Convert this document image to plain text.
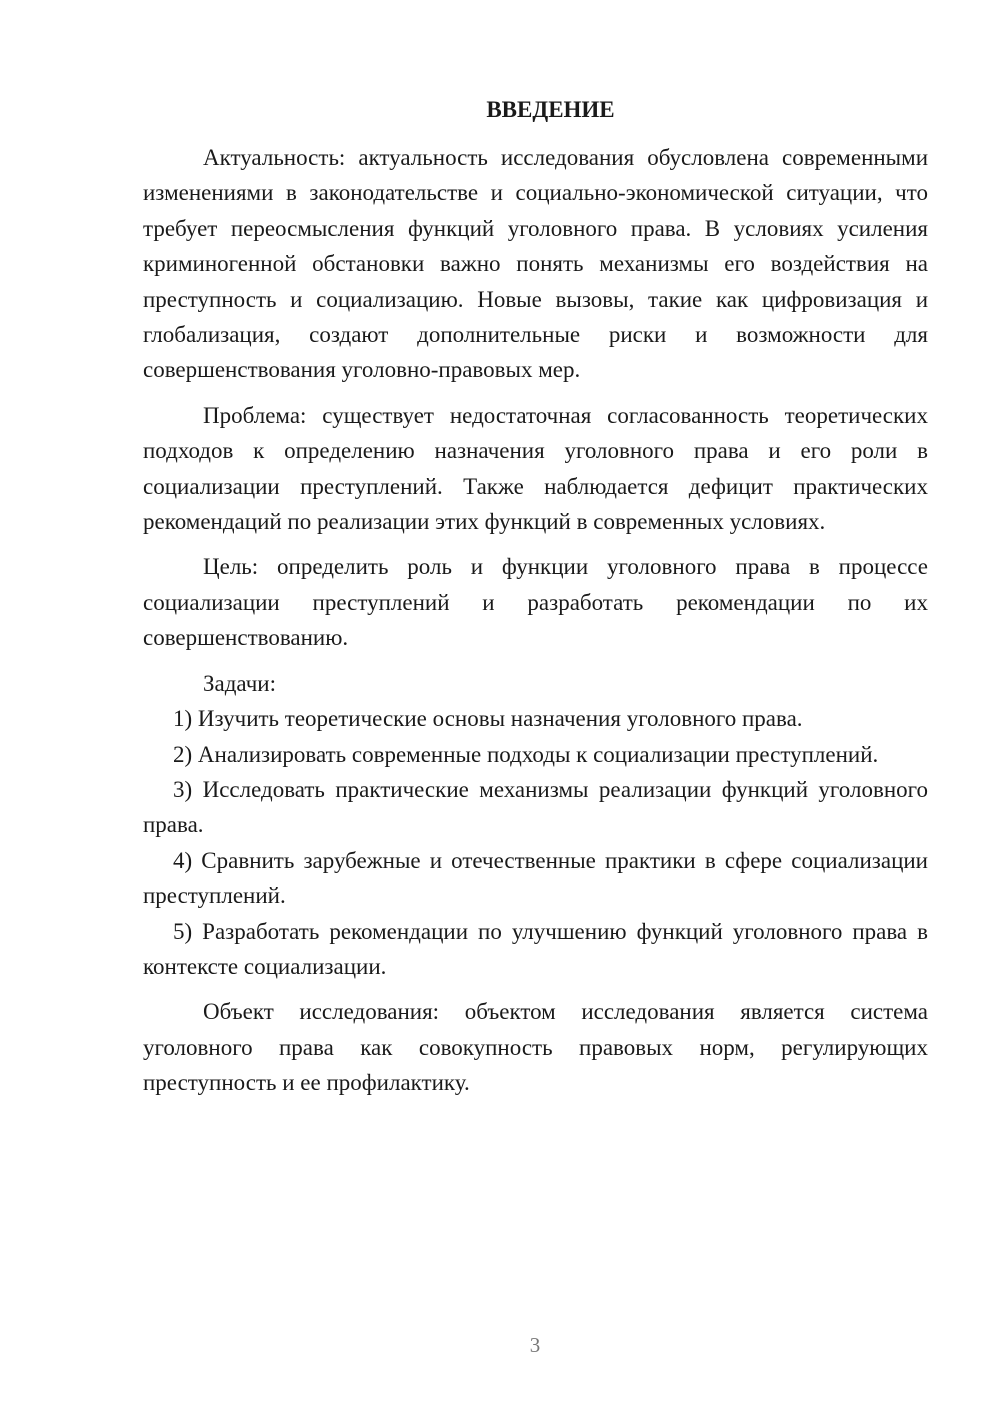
ВВЕДЕНИЕ

Актуальность: актуальность исследования обусловлена современными изменениями в законодательстве и социально-экономической ситуации, что требует переосмысления функций уголовного права. В условиях усиления криминогенной обстановки важно понять механизмы его воздействия на преступность и социализацию. Новые вызовы, такие как цифровизация и глобализация, создают дополнительные риски и возможности для совершенствования уголовно-правовых мер.

Проблема: существует недостаточная согласованность теоретических подходов к определению назначения уголовного права и его роли в социализации преступлений. Также наблюдается дефицит практических рекомендаций по реализации этих функций в современных условиях.

Цель: определить роль и функции уголовного права в процессе социализации преступлений и разработать рекомендации по их совершенствованию.

Задачи:

1) Изучить теоретические основы назначения уголовного права.

2) Анализировать современные подходы к социализации преступлений.

3) Исследовать практические механизмы реализации функций уголовного права.

4) Сравнить зарубежные и отечественные практики в сфере социализации преступлений.

5) Разработать рекомендации по улучшению функций уголовного права в контексте социализации.

Объект исследования: объектом исследования является система уголовного права как совокупность правовых норм, регулирующих преступность и ее профилактику.

3
